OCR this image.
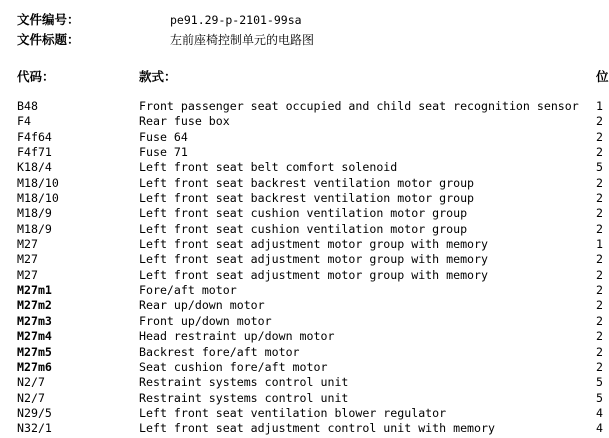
文件编号：	pe91.29-p-2101-99sa
文件标题：	左前座椅控制单元的电路图
代码：	款式：	位
B48	Front passenger seat occupied and child seat recognition sensor 1
F4	Rear fuse box	2
F4f64	Fuse 64	2
F4f71	Fuse 71	2
K18/4	Left front seat belt comfort solenoid	5
M18/10	Left front seat backrest ventilation motor group	2
M18/10	Left front seat backrest ventilation motor group	2
M18/9	Left front seat cushion ventilation motor group	2
M18/9	Left front seat cushion ventilation motor group	2
M27	Left front seat adjustment motor group with memory	1
M27	Left front seat adjustment motor group with memory	2
M27	Left front seat adjustment motor group with memory	2
M27m1	Fore/aft motor	2
M27m2	Rear up/down motor	2
M27m3	Front up/down motor	2
M27m4	Head restraint up/down motor	2
M27m5	Backrest fore/aft motor	2
M27m6	Seat cushion fore/aft motor	2
N2/7	Restraint systems control unit	5
N2/7	Restraint systems control unit	5
N29/5	Left front seat ventilation blower regulator	4
N32/1	Left front seat adjustment control unit with memory	4
